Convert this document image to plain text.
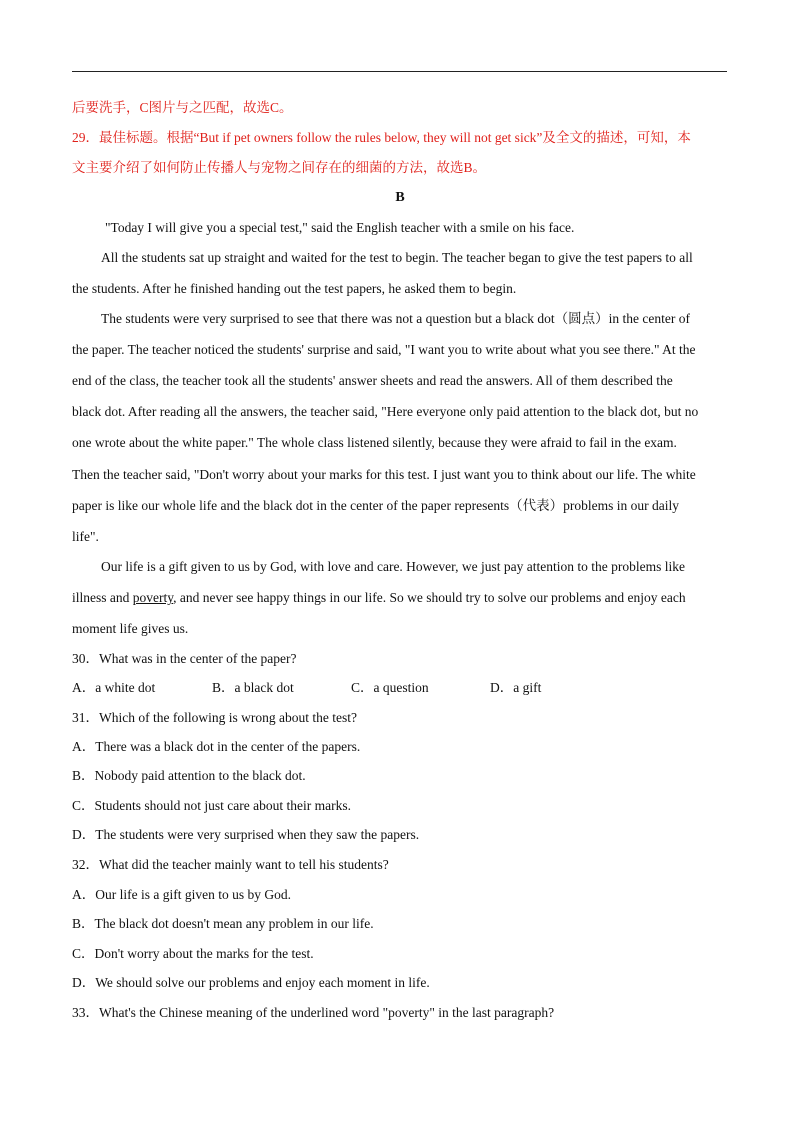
后要洗手，C图片与之匹配，故选C。
29．最佳标题。根据“But if pet owners follow the rules below, they will not get sick”及全文的描述，可知，本
文主要介绍了如何防止传播人与宠物之间存在的细菌的方法，故选B。
B
"Today I will give you a special test," said the English teacher with a smile on his face.
All the students sat up straight and waited for the test to begin. The teacher began to give the test papers to all
the students. After he finished handing out the test papers, he asked them to begin.
The students were very surprised to see that there was not a question but a black dot（圆点）in the center of
the paper. The teacher noticed the students' surprise and said, "I want you to write about what you see there." At the
end of the class, the teacher took all the students' answer sheets and read the answers. All of them described the
black dot. After reading all the answers, the teacher said, "Here everyone only paid attention to the black dot, but no
one wrote about the white paper." The whole class listened silently, because they were afraid to fail in the exam.
Then the teacher said, "Don't worry about your marks for this test. I just want you to think about our life. The white
paper is like our whole life and the black dot in the center of the paper represents（代表）problems in our daily
life".
Our life is a gift given to us by God, with love and care. However, we just pay attention to the problems like
illness and poverty, and never see happy things in our life. So we should try to solve our problems and enjoy each
moment life gives us.
30．What was in the center of the paper?
A．a white dot	B．a black dot	C．a question	D．a gift
31．Which of the following is wrong about the test?
A．There was a black dot in the center of the papers.
B．Nobody paid attention to the black dot.
C．Students should not just care about their marks.
D．The students were very surprised when they saw the papers.
32．What did the teacher mainly want to tell his students?
A．Our life is a gift given to us by God.
B．The black dot doesn't mean any problem in our life.
C．Don't worry about the marks for the test.
D．We should solve our problems and enjoy each moment in life.
33．What's the Chinese meaning of the underlined word "poverty" in the last paragraph?
